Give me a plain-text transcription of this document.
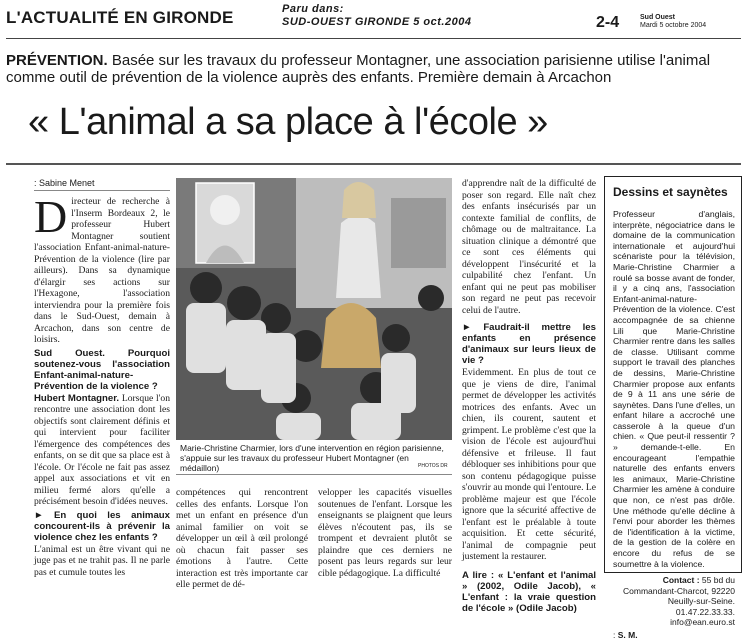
L'ACTUALITÉ EN GIRONDE	Paru dans:
SUD-OUEST GIRONDE 5 oct.2004	2-4	Sud Ouest
Mardi 5 octobre 2004
PRÉVENTION. Basée sur les travaux du professeur Montagner, une association parisienne utilise l'animal comme outil de prévention de la violence auprès des enfants. Première demain à Arcachon
« L'animal a sa place à l'école »
: Sabine Menet

Directeur de recherche à l'Inserm Bordeaux 2, le professeur Hubert Montagner soutient l'association Enfant-animal-nature-Prévention de la violence (lire par ailleurs). Dans sa dynamique d'élargir ses actions sur l'Hexagone, l'association interviendra pour la première fois dans le Sud-Ouest, demain à Arcachon, dans son centre de loisirs.

Sud Ouest. Pourquoi soutenez-vous l'association Enfant-animal-nature-Prévention de la violence ?

Hubert Montagner. Lorsque l'on rencontre une association dont les objectifs sont clairement définis et qui intervient pour faciliter l'émergence des compétences des enfants, on se dit que sa place est à l'école. Or l'école ne fait pas assez appel aux associations et vit en milieu fermé alors qu'elle a précisément besoin d'idées neuves.

► En quoi les animaux concourent-ils à prévenir la violence chez les enfants ?

L'animal est un être vivant qui ne juge pas et ne trahit pas. Il ne parle pas et cumule toutes les

Marie-Christine Charmier, lors d'une intervention en région parisienne, s'appuie sur les travaux du professeur Hubert Montagner (en médaillon)	PHOTOS DR

compétences qui rencontrent celles des enfants. Lorsque l'on met un enfant en présence d'un animal familier on voit se développer un œil à œil prolongé où chacun fait passer ses émotions à l'autre. Cette interaction est très importante car elle permet de dé-

velopper les capacités visuelles soutenues de l'enfant. Lorsque les enseignants se plaignent que leurs élèves n'écoutent pas, ils se trompent et devraient plutôt se plaindre que ces derniers ne posent pas leurs regards sur leur cible pédagogique. La difficulté

d'apprendre naît de la difficulté de poser son regard. Elle naît chez des enfants insécurisés par un contexte familial de conflits, de chômage ou de maltraitance. La situation clinique a démontré que ce sont ces éléments qui développent l'insécurité et la culpabilité chez l'enfant. Un enfant qui ne peut pas mobiliser son regard ne peut pas recevoir celui de l'autre.

► Faudrait-il mettre les enfants en présence d'animaux sur leurs lieux de vie ?

Evidemment. En plus de tout ce que je viens de dire, l'animal permet de développer les activités motrices des enfants. Avec un chien, ils courent, sautent et grimpent. Le problème c'est que la vision de l'école est aujourd'hui défensive et frileuse. Il faut débloquer ses inhibitions pour que son contenu pédagogique puisse s'ouvrir au monde qui l'entoure. Le problème majeur est que l'école ignore que la sécurité affective de l'enfant est le préalable à toute acquisition. Et cette sécurité, l'animal de compagnie peut justement la restaurer.

A lire : « L'enfant et l'animal » (2002, Odile Jacob), « L'enfant : la vraie question de l'école » (Odile Jacob)

Dessins et saynètes
Professeur d'anglais, interprète, négociatrice dans le domaine de la communication internationale et aujourd'hui scénariste pour la télévision, Marie-Christine Charmier a roulé sa bosse avant de fonder, il y a cinq ans, l'association Enfant-animal-nature-Prévention de la violence. C'est accompagnée de sa chienne Lili que Marie-Christine Charmier rentre dans les salles de classe. Utilisant comme support le travail des planches de dessins, Marie-Christine Charmier propose aux enfants de 9 à 11 ans une série de saynètes. Dans l'une d'elles, un enfant hilare a accroché une casserole à la queue d'un chien. « Que peut-il ressentir ? » demande-t-elle. En encourageant l'empathie naturelle des enfants envers les animaux, Marie-Christine Charmier les amène à conduire que non, ce n'est pas drôle. Une méthode qu'elle décline à l'envi pour aborder les thèmes de l'identification à la victime, de la gestion de la colère en encore du refus de se soumettre à la violence.
Contact : 55 bd du Commandant-Charcot, 92220 Neuilly-sur-Seine. 01.47.22.33.33. info@ean.euro.st
: S. M.
